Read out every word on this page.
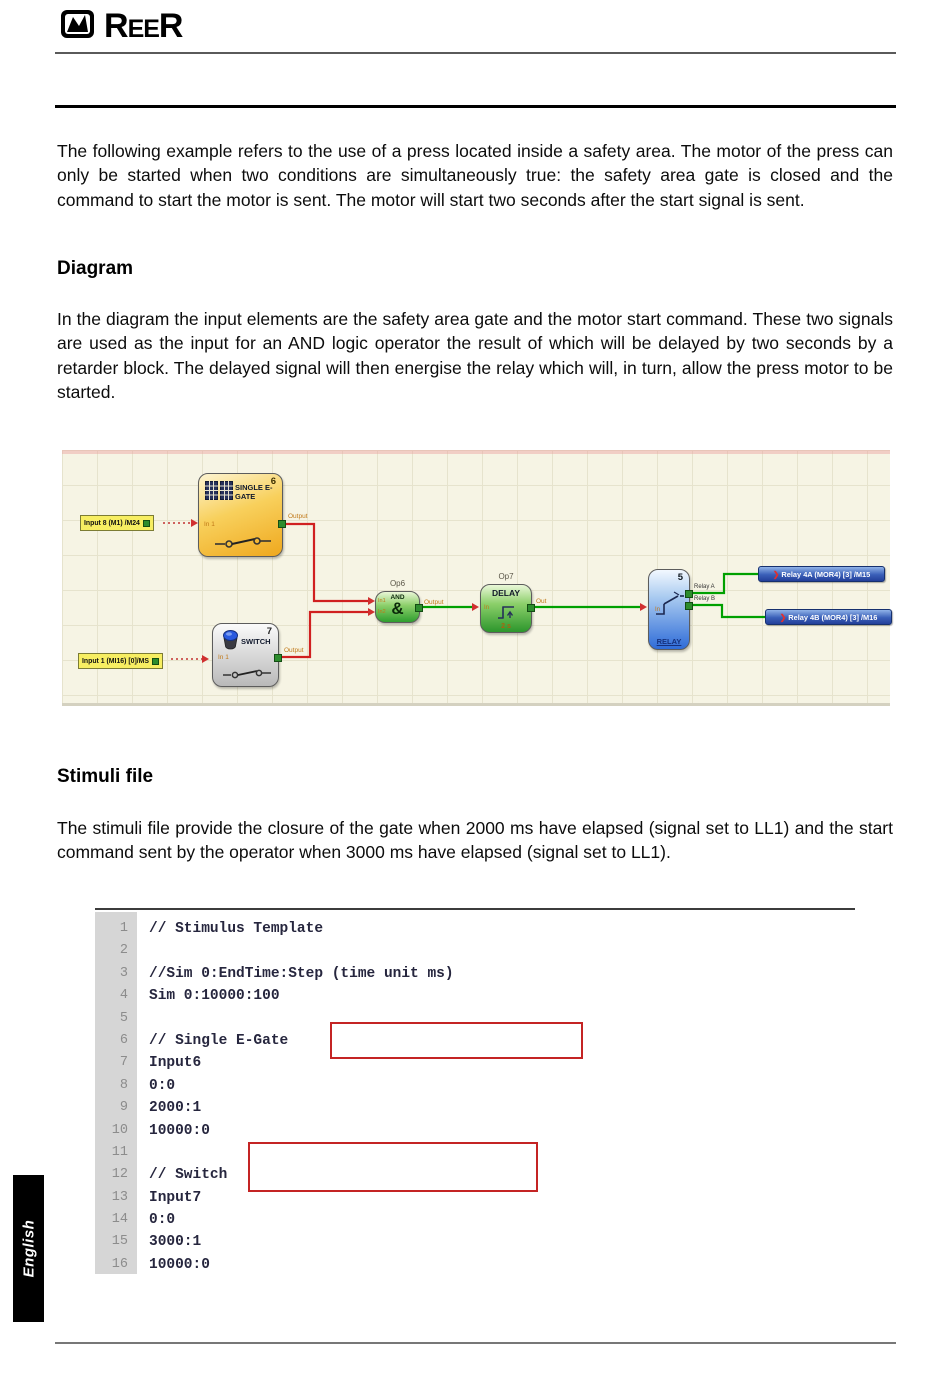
R EE R

The following example refers to the use of a press located inside a safety area. The motor of the press can only be started when two conditions are simultaneously true: the safety area gate is closed and the command to start the motor is sent. The motor will start two seconds after the start signal is sent.

Diagram

In the diagram the input elements are the safety area gate and the motor start command. These two signals are used as the input for an AND logic operator the result of which will be delayed by two seconds by a retarder block. The delayed signal will then energise the relay which will, in turn, allow the press motor to be started.

Input 8 (M1) /M24
Input 1 (MI16) [0]/MS
6
SINGLE E-GATE
In 1
Output
7
SWITCH
In 1
Output
Op6
AND
&
In1
In2
Output
Op7
DELAY
In
2 s
Out
5
In
RELAY
Relay A
Relay B
❯ Relay 4A (MOR4) [3] /M15
❯ Relay 4B (MOR4) [3] /M16
Stimuli file

The stimuli file provide the closure of the gate when 2000 ms have elapsed (signal set to LL1) and the start command sent by the operator when 3000 ms have elapsed (signal set to LL1).

1	// Stimulus Template
2
3	//Sim 0:EndTime:Step (time unit ms)
4	Sim 0:10000:100
5
6	// Single E-Gate
7	Input6
8	0:0
9	2000:1
10	10000:0
11
12	// Switch
13	Input7
14	0:0
15	3000:1
16	10000:0
English
